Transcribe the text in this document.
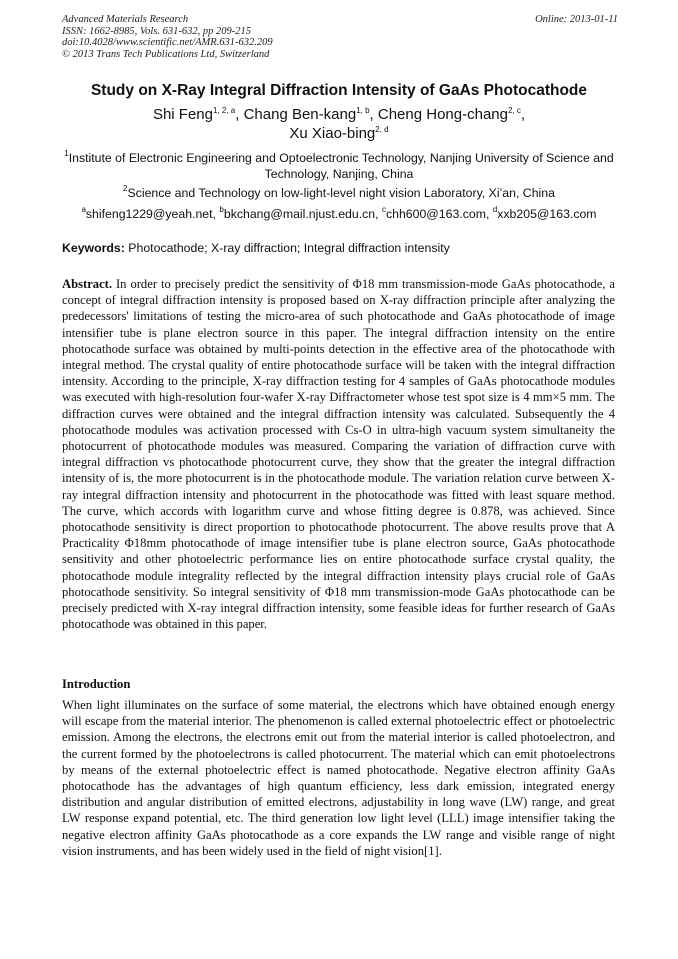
Advanced Materials Research
ISSN: 1662-8985, Vols. 631-632, pp 209-215
doi:10.4028/www.scientific.net/AMR.631-632.209
© 2013 Trans Tech Publications Ltd, Switzerland
Online: 2013-01-11
Study on X-Ray Integral Diffraction Intensity of GaAs Photocathode
Shi Feng$^{1, 2, a}$, Chang Ben-kang$^{1, b}$, Cheng Hong-chang$^{2, c}$,
Xu Xiao-bing$^{2, d}$
$^1$Institute of Electronic Engineering and Optoelectronic Technology, Nanjing University of Science and Technology, Nanjing, China
$^2$Science and Technology on low-light-level night vision Laboratory, Xi’an, China
$^a$shifeng1229@yeah.net, $^b$bkchang@mail.njust.edu.cn, $^c$chh600@163.com, $^d$xxb205@163.com
Keywords: Photocathode; X-ray diffraction; Integral diffraction intensity
Abstract. In order to precisely predict the sensitivity of Φ18 mm transmission-mode GaAs photocathode, a concept of integral diffraction intensity is proposed based on X-ray diffraction principle after analyzing the predecessors' limitations of testing the micro-area of such photocathode and GaAs photocathode of image intensifier tube is plane electron source in this paper. The integral diffraction intensity on the entire photocathode surface was obtained by multi-points detection in the effective area of the photocathode with integral method. The crystal quality of entire photocathode surface will be taken with the integral diffraction intensity. According to the principle, X-ray diffraction testing for 4 samples of GaAs photocathode modules was executed with high-resolution four-wafer X-ray Diffractometer whose test spot size is 4 mm×5 mm. The diffraction curves were obtained and the integral diffraction intensity was calculated. Subsequently the 4 photocathode modules was activation processed with Cs-O in ultra-high vacuum system simultaneity the photocurrent of photocathode modules was measured. Comparing the variation of diffraction curve with integral diffraction vs photocathode photocurrent curve, they show that the greater the integral diffraction intensity of is, the more photocurrent is in the photocathode module. The variation relation curve between X-ray integral diffraction intensity and photocurrent in the photocathode was fitted with least square method. The curve, which accords with logarithm curve and whose fitting degree is 0.878, was achieved. Since photocathode sensitivity is direct proportion to photocathode photocurrent. The above results prove that A Practicality Φ18mm photocathode of image intensifier tube is plane electron source, GaAs photocathode sensitivity and other photoelectric performance lies on entire photocathode surface crystal quality, the photocathode module integrality reflected by the integral diffraction intensity plays crucial role of GaAs photocathode sensitivity. So integral sensitivity of Φ18 mm transmission-mode GaAs photocathode can be precisely predicted with X-ray integral diffraction intensity, some feasible ideas for further research of GaAs photocathode was obtained in this paper.
Introduction
When light illuminates on the surface of some material, the electrons which have obtained enough energy will escape from the material interior. The phenomenon is called external photoelectric effect or photoelectric emission. Among the electrons, the electrons emit out from the material interior is called photoelectron, and the current formed by the photoelectrons is called photocurrent. The material which can emit photoelectrons by means of the external photoelectric effect is named photocathode. Negative electron affinity GaAs photocathode has the advantages of high quantum efficiency, less dark emission, integrated energy distribution and angular distribution of emitted electrons, adjustability in long wave (LW) range, and great LW response expand potential, etc. The third generation low light level (LLL) image intensifier taking the negative electron affinity GaAs photocathode as a core expands the LW range and visible range of night vision instruments, and has been widely used in the field of night vision[1].
